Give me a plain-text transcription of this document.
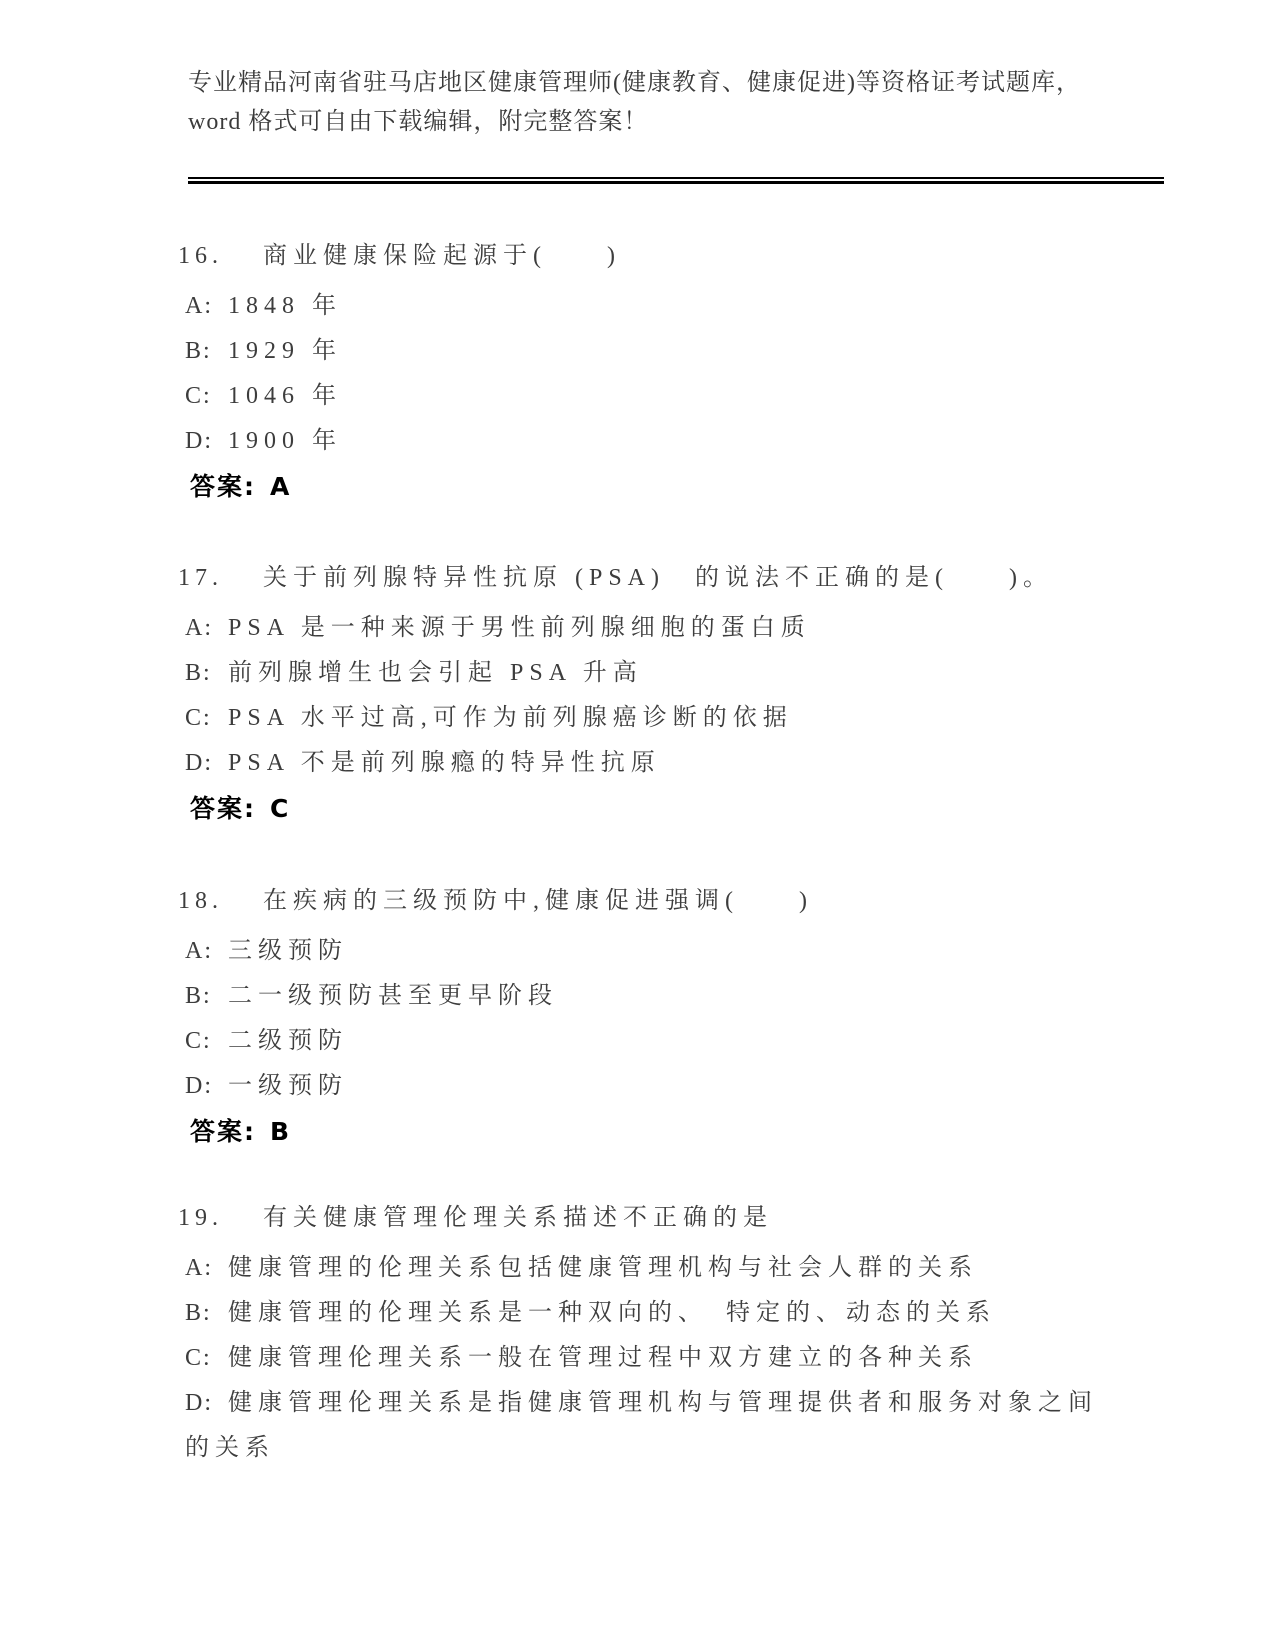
专业精品河南省驻马店地区健康管理师(健康教育、健康促进)等资格证考试题库，
word 格式可自由下载编辑，附完整答案！

16. 商业健康保险起源于(　　)

A: 1848 年

B: 1929 年

C: 1046 年

D: 1900 年

答案: A

17. 关于前列腺特异性抗原 (PSA)　的说法不正确的是(　　)。

A: PSA 是一种来源于男性前列腺细胞的蛋白质

B: 前列腺增生也会引起 PSA 升高

C: PSA 水平过高,可作为前列腺癌诊断的依据

D: PSA 不是前列腺瘾的特异性抗原

答案: C

18. 在疾病的三级预防中,健康促进强调(　　)

A: 三级预防

B: 二一级预防甚至更早阶段

C: 二级预防

D: 一级预防

答案: B

19. 有关健康管理伦理关系描述不正确的是

A: 健康管理的伦理关系包括健康管理机构与社会人群的关系

B: 健康管理的伦理关系是一种双向的、　特定的、动态的关系

C: 健康管理伦理关系一般在管理过程中双方建立的各种关系

D: 健康管理伦理关系是指健康管理机构与管理提供者和服务对象之间的关系
